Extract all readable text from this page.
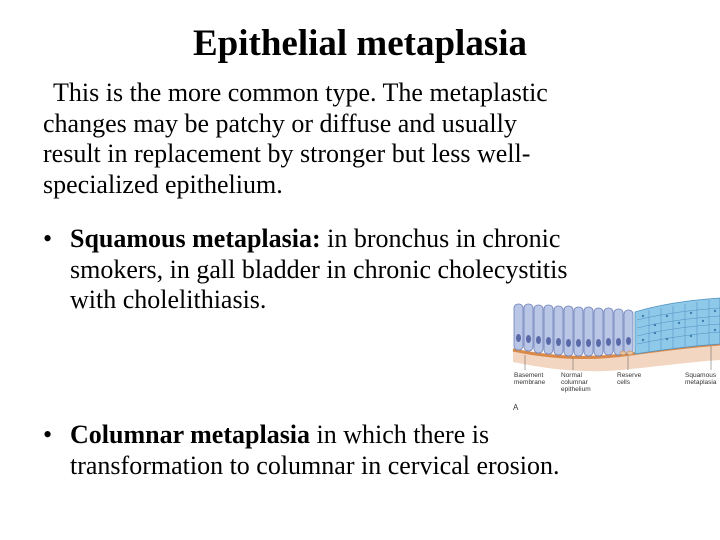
Epithelial metaplasia
This is the more common type. The metaplastic
changes may be patchy or diffuse and usually
result in replacement by stronger but less well-
specialized epithelium.
• Squamous metaplasia: in bronchus in chronic
smokers, in gall bladder in chronic cholecystitis
with cholelithiasis.
Basement membrane
Normal columnar epithelium
Reserve cells
Squamous metaplasia
A
• Columnar metaplasia in which there is
transformation to columnar in cervical erosion.
